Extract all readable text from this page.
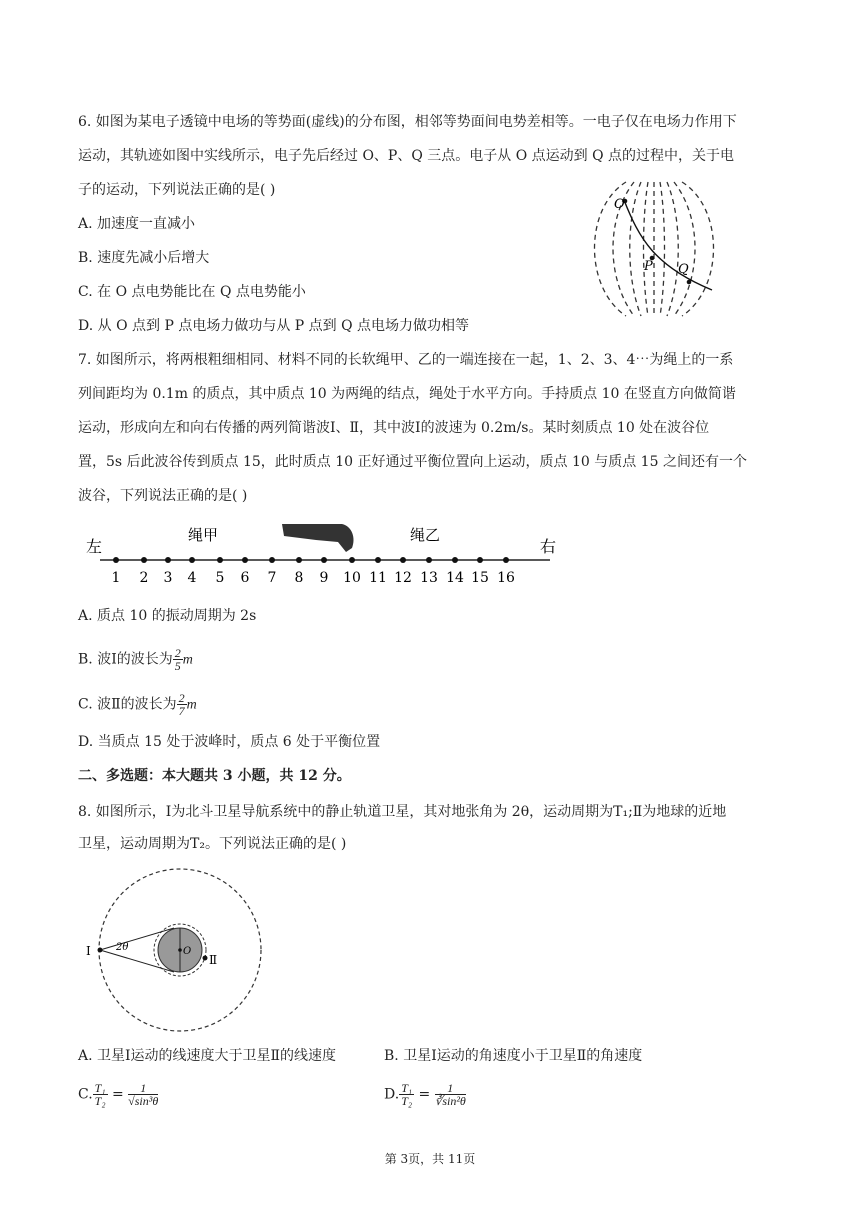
6. 如图为某电子透镜中电场的等势面(虚线)的分布图，相邻等势面间电势差相等。一电子仅在电场力作用下
运动，其轨迹如图中实线所示，电子先后经过 O、P、Q 三点。电子从 O 点运动到 Q 点的过程中，关于电
子的运动，下列说法正确的是( )
A. 加速度一直减小
B. 速度先减小后增大
C. 在 O 点电势能比在 Q 点电势能小
D. 从 O 点到 P 点电场力做功与从 P 点到 Q 点电场力做功相等
O
P Q
7. 如图所示，将两根粗细相同、材料不同的长软绳甲、乙的一端连接在一起，1、2、3、4⋯为绳上的一系
列间距均为 0.1m 的质点，其中质点 10 为两绳的结点，绳处于水平方向。手持质点 10 在竖直方向做简谐
运动，形成向左和向右传播的两列简谐波Ⅰ、Ⅱ，其中波Ⅰ的波速为 0.2m/s。某时刻质点 10 处在波谷位
置，5s 后此波谷传到质点 15，此时质点 10 正好通过平衡位置向上运动，质点 10 与质点 15 之间还有一个
波谷，下列说法正确的是( )
左	右
绳甲	绳乙
1 2 3 4 5 6 7 8 9 10 11 12 13 14 15 16
A. 质点 10 的振动周期为 2s
B. 波Ⅰ的波长为 $\frac{2}{5}$ m
C. 波Ⅱ的波长为 $\frac{2}{7}$ m
D. 当质点 15 处于波峰时，质点 6 处于平衡位置
二、多选题：本大题共 3 小题，共 12 分。
8. 如图所示，Ⅰ为北斗卫星导航系统中的静止轨道卫星，其对地张角为 2θ，运动周期为T₁;Ⅱ为地球的近地
卫星，运动周期为T₂。下列说法正确的是( )
Ⅰ
Ⅱ
2θ	O
A. 卫星Ⅰ运动的线速度大于卫星Ⅱ的线速度	B. 卫星Ⅰ运动的角速度小于卫星Ⅱ的角速度
C. $\frac{\text{T₁}}{\text{T₂}} = \frac{1}{\text{√sin³θ}}$	D. $\frac{\text{T₁}}{\text{T₂}} = \frac{1}{\text{∛sin²θ}}$
第 3页，共 11页
